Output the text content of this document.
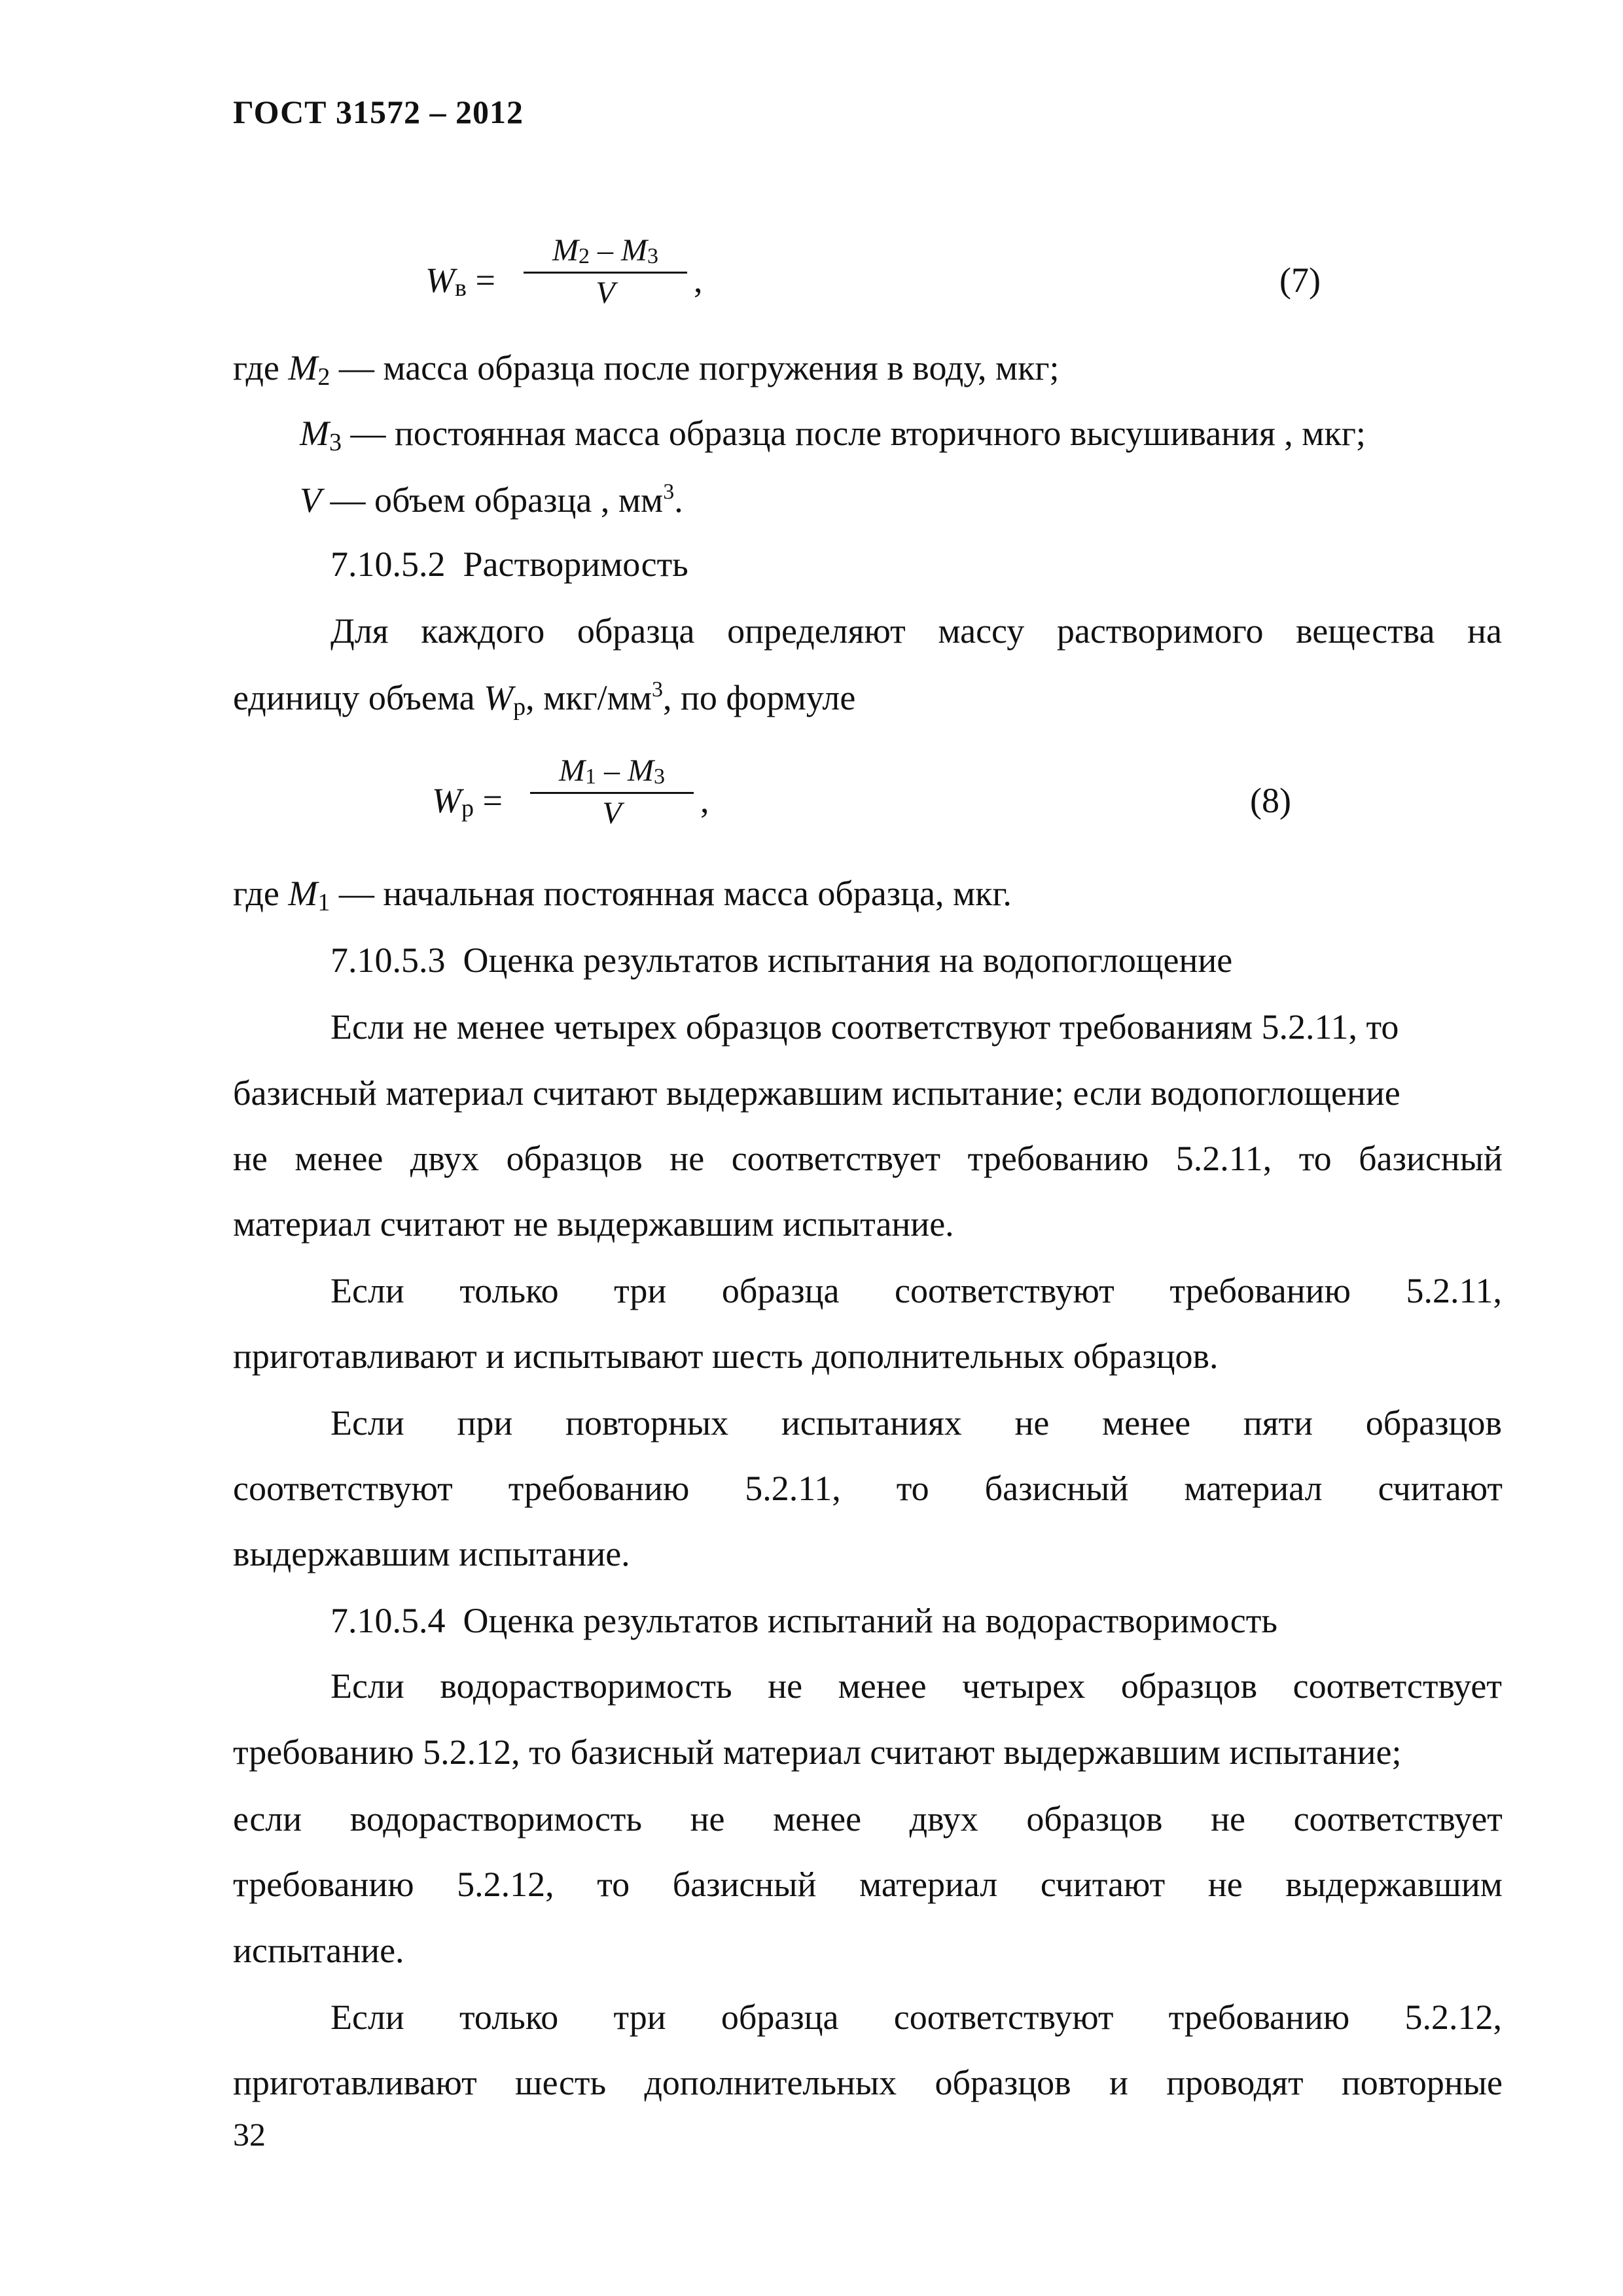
ГОСТ 31572 – 2012
$W_в = \frac{M_2 - M_3}{V}$ ,	(7)
где $M_2$ — масса образца после погружения в воду, мкг;
$M_3$ — постоянная масса образца после вторичного высушивания , мкг;
V — объем образца , $мм^3$.
7.10.5.2  Растворимость
Для каждого образца определяют массу растворимого вещества на
единицу объема $W_р$, мкг/$мм^3$, по формуле
$W_р = \frac{M_1 - M_3}{V}$ ,	(8)
где $M_1$ — начальная постоянная масса образца, мкг.
7.10.5.3  Оценка результатов испытания на водопоглощение
Если не менее четырех образцов соответствуют требованиям 5.2.11, то
базисный материал считают выдержавшим испытание; если водопоглощение
не менее двух образцов не соответствует требованию 5.2.11, то базисный
материал считают не выдержавшим испытание.
Если только три образца соответствуют требованию 5.2.11,
приготавливают и испытывают шесть дополнительных образцов.
Если при повторных испытаниях не менее пяти образцов
соответствуют требованию 5.2.11, то базисный материал считают
выдержавшим испытание.
7.10.5.4  Оценка результатов испытаний на водорастворимость
Если водорастворимость не менее четырех образцов соответствует
требованию 5.2.12, то базисный материал считают выдержавшим испытание;
если водорастворимость не менее двух образцов не соответствует
требованию 5.2.12, то базисный материал считают не выдержавшим
испытание.
Если только три образца соответствуют требованию 5.2.12,
приготавливают шесть дополнительных образцов и проводят повторные
32
